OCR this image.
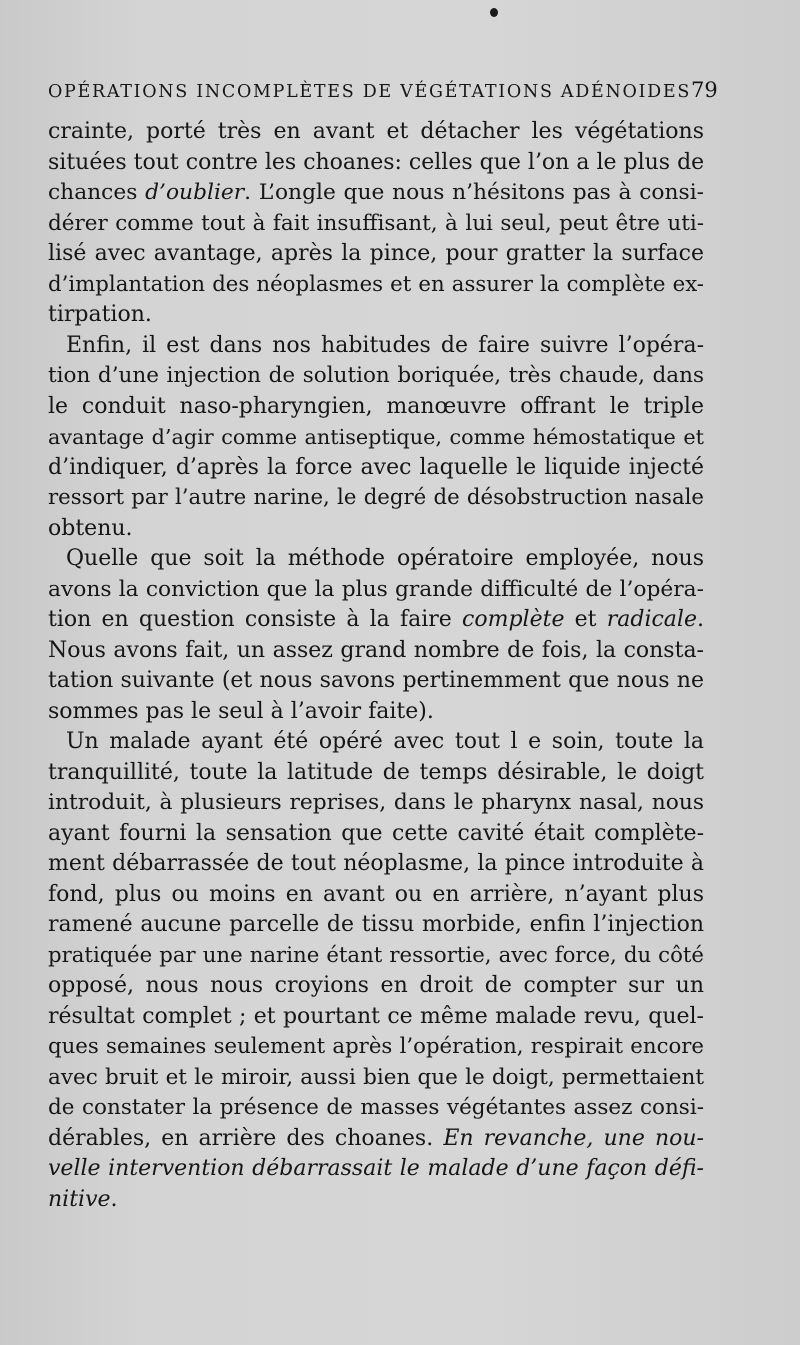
OPÉRATIONS INCOMPLÈTES DE VÉGÉTATIONS ADÉNOIDES 79
crainte, porté très en avant et détacher les végétations
situées tout contre les choanes: celles que l’on a le plus de
chances d’oublier. L’ongle que nous n’hésitons pas à consi-
dérer comme tout à fait insuffisant, à lui seul, peut être uti-
lisé avec avantage, après la pince, pour gratter la surface
d’implantation des néoplasmes et en assurer la complète ex-
tirpation.
Enfin, il est dans nos habitudes de faire suivre l’opéra-
tion d’une injection de solution boriquée, très chaude, dans
le conduit naso-pharyngien, manœuvre offrant le triple
avantage d’agir comme antiseptique, comme hémostatique et
d’indiquer, d’après la force avec laquelle le liquide injecté
ressort par l’autre narine, le degré de désobstruction nasale
obtenu.
Quelle que soit la méthode opératoire employée, nous
avons la conviction que la plus grande difficulté de l’opéra-
tion en question consiste à la faire complète et radicale.
Nous avons fait, un assez grand nombre de fois, la consta-
tation suivante (et nous savons pertinemment que nous ne
sommes pas le seul à l’avoir faite).
Un malade ayant été opéré avec tout l e soin, toute la
tranquillité, toute la latitude de temps désirable, le doigt
introduit, à plusieurs reprises, dans le pharynx nasal, nous
ayant fourni la sensation que cette cavité était complète-
ment débarrassée de tout néoplasme, la pince introduite à
fond, plus ou moins en avant ou en arrière, n’ayant plus
ramené aucune parcelle de tissu morbide, enfin l’injection
pratiquée par une narine étant ressortie, avec force, du côté
opposé, nous nous croyions en droit de compter sur un
résultat complet ; et pourtant ce même malade revu, quel-
ques semaines seulement après l’opération, respirait encore
avec bruit et le miroir, aussi bien que le doigt, permettaient
de constater la présence de masses végétantes assez consi-
dérables, en arrière des choanes. En revanche, une nou-
velle intervention débarrassait le malade d’une façon défi-
nitive.
